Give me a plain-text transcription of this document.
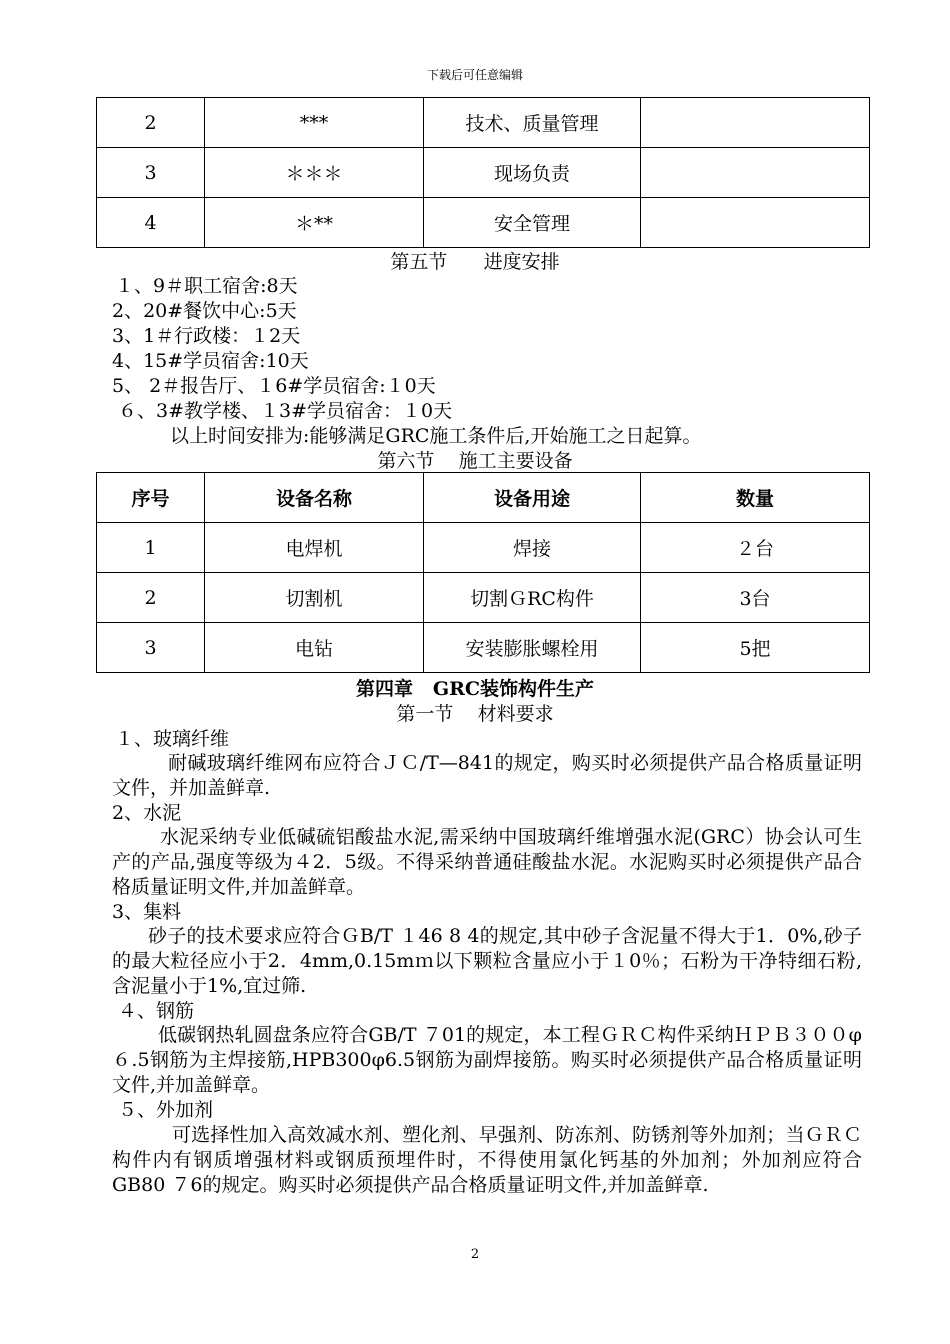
下载后可任意编辑
2	***	技术、质量管理	
3	＊＊＊	现场负责	
4	＊**	安全管理	
第五节      进度安排
１、9＃职工宿舍:8天
2、20#餐饮中心:5天
3、1＃行政楼：１2天
4、15#学员宿舍:10天
5、 2＃报告厅、１6#学员宿舍:１0天
６、3#教学楼、１3#学员宿舍：１0天
以上时间安排为:能够满足GRC施工条件后,开始施工之日起算。
第六节    施工主要设备
序号	设备名称	设备用途	数量
1	电焊机	焊接	２台
2	切割机	切割ＧRC构件	3台
3	电钻	安装膨胀螺栓用	5把
第四章   GRC装饰构件生产
第一节    材料要求
１、玻璃纤维
耐碱玻璃纤维网布应符合ＪＣ/T—841的规定，购买时必须提供产品合格质量证明文件，并加盖鲜章.
2、水泥
水泥采纳专业低碱硫铝酸盐水泥,需采纳中国玻璃纤维增强水泥(GRC）协会认可生产的产品,强度等级为４2．5级。不得采纳普通硅酸盐水泥。水泥购买时必须提供产品合格质量证明文件,并加盖鲜章。
3、集料
砂子的技术要求应符合ＧB/T １46 8 4的规定,其中砂子含泥量不得大于1．0%,砂子的最大粒径应小于2．4mm,0.15mｍ以下颗粒含量应小于１0％；石粉为干净特细石粉,含泥量小于1%,宜过筛.
４、钢筋
低碳钢热轧圆盘条应符合GB/T ７01的规定，本工程ＧＲＣ构件采纳ＨＰＢ３００φ６.5钢筋为主焊接筋,HPB300φ6.5钢筋为副焊接筋。购买时必须提供产品合格质量证明文件,并加盖鲜章。
５、外加剂
可选择性加入高效减水剂、塑化剂、早强剂、防冻剂、防锈剂等外加剂；当ＧＲＣ构件内有钢质增强材料或钢质预埋件时，不得使用氯化钙基的外加剂；外加剂应符合GB80 ７6的规定。购买时必须提供产品合格质量证明文件,并加盖鲜章.
2
